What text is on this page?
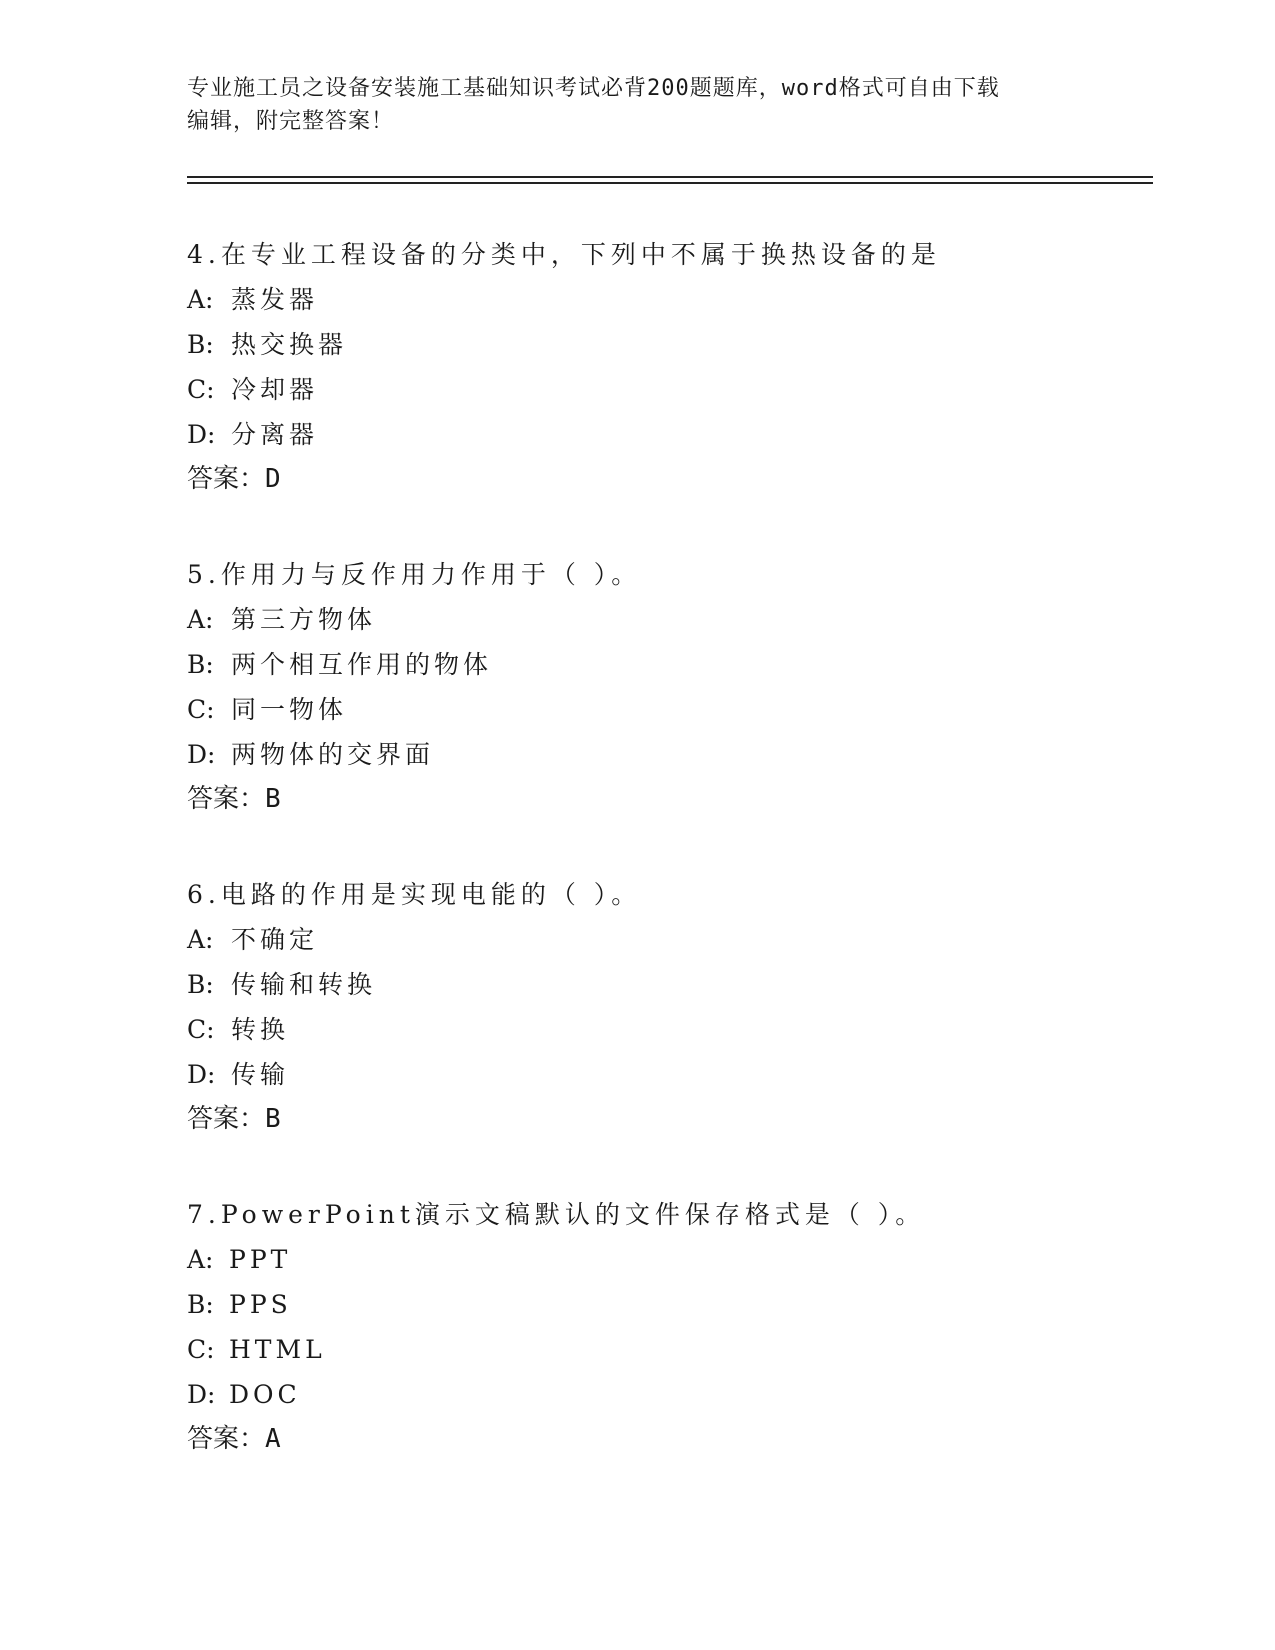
专业施工员之设备安装施工基础知识考试必背200题题库，word格式可自由下载
编辑，附完整答案！
4.在专业工程设备的分类中，下列中不属于换热设备的是
A: 蒸发器
B: 热交换器
C: 冷却器
D: 分离器
答案：D
5.作用力与反作用力作用于（ ）。
A: 第三方物体
B: 两个相互作用的物体
C: 同一物体
D: 两物体的交界面
答案：B
6.电路的作用是实现电能的（ ）。
A: 不确定
B: 传输和转换
C: 转换
D: 传输
答案：B
7.PowerPoint演示文稿默认的文件保存格式是（ ）。
A: PPT
B: PPS
C: HTML
D: DOC
答案：A
